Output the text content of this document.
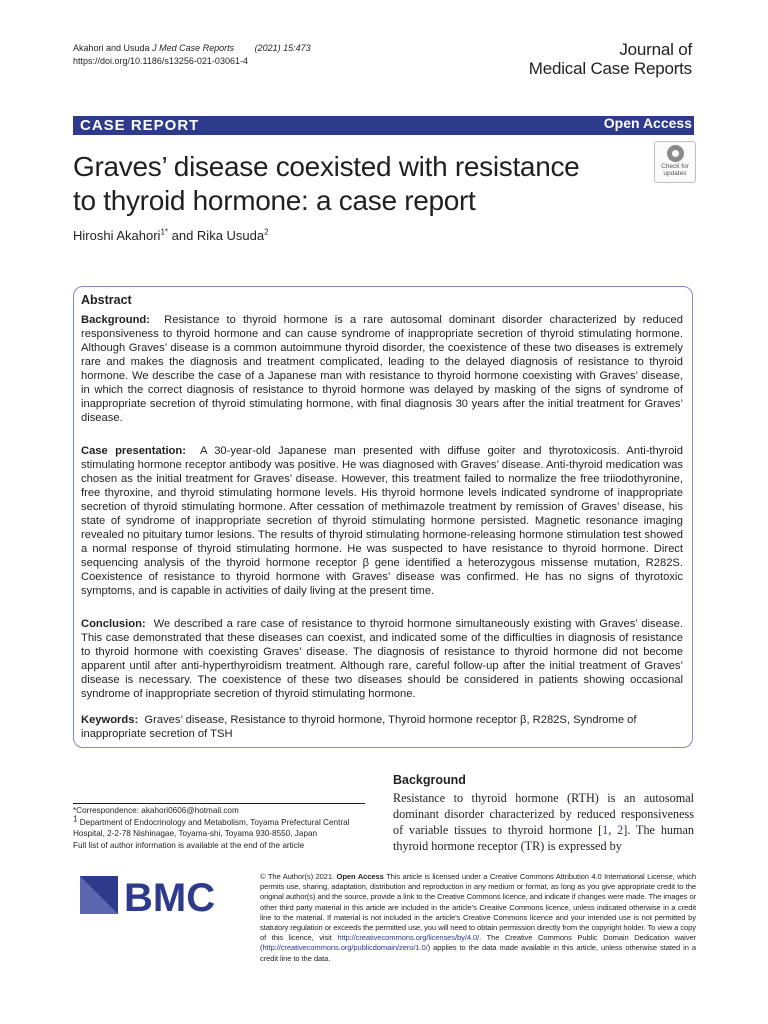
Akahori and Usuda J Med Case Reports (2021) 15:473
https://doi.org/10.1186/s13256-021-03061-4
Journal of
Medical Case Reports
CASE REPORT	Open Access
Check for
updates
Graves’ disease coexisted with resistance
to thyroid hormone: a case report
Hiroshi Akahori$^{1*}$ and Rika Usuda$^2$
Abstract
Background: Resistance to thyroid hormone is a rare autosomal dominant disorder characterized by reduced responsiveness to thyroid hormone and can cause syndrome of inappropriate secretion of thyroid stimulating hormone. Although Graves’ disease is a common autoimmune thyroid disorder, the coexistence of these two diseases is extremely rare and makes the diagnosis and treatment complicated, leading to the delayed diagnosis of resistance to thyroid hormone. We describe the case of a Japanese man with resistance to thyroid hormone coexisting with Graves’ disease, in which the correct diagnosis of resistance to thyroid hormone was delayed by masking of the signs of syndrome of inappropriate secretion of thyroid stimulating hormone, with final diagnosis 30 years after the initial treatment for Graves’ disease.
Case presentation: A 30-year-old Japanese man presented with diffuse goiter and thyrotoxicosis. Anti-thyroid stimulating hormone receptor antibody was positive. He was diagnosed with Graves’ disease. Anti-thyroid medication was chosen as the initial treatment for Graves’ disease. However, this treatment failed to normalize the free triiodothyronine, free thyroxine, and thyroid stimulating hormone levels. His thyroid hormone levels indicated syndrome of inappropriate secretion of thyroid stimulating hormone. After cessation of methimazole treatment by remission of Graves’ disease, his state of syndrome of inappropriate secretion of thyroid stimulating hormone persisted. Magnetic resonance imaging revealed no pituitary tumor lesions. The results of thyroid stimulating hormone-releasing hormone stimulation test showed a normal response of thyroid stimulating hormone. He was suspected to have resistance to thyroid hormone. Direct sequencing analysis of the thyroid hormone receptor β gene identified a heterozygous missense mutation, R282S. Coexistence of resistance to thyroid hormone with Graves’ disease was confirmed. He has no signs of thyrotoxic symptoms, and is capable in activities of daily living at the present time.
Conclusion: We described a rare case of resistance to thyroid hormone simultaneously existing with Graves’ disease. This case demonstrated that these diseases can coexist, and indicated some of the difficulties in diagnosis of resistance to thyroid hormone with coexisting Graves’ disease. The diagnosis of resistance to thyroid hormone did not become apparent until after anti-hyperthyroidism treatment. Although rare, careful follow-up after the initial treatment of Graves’ disease is necessary. The coexistence of these two diseases should be considered in patients showing occasional syndrome of inappropriate secretion of thyroid stimulating hormone.
Keywords: Graves’ disease, Resistance to thyroid hormone, Thyroid hormone receptor β, R282S, Syndrome of inappropriate secretion of TSH
*Correspondence: akahori0606@hotmail.com
$^1$ Department of Endocrinology and Metabolism, Toyama Prefectural Central Hospital, 2-2-78 Nishinagae, Toyama-shi, Toyama 930-8550, Japan
Full list of author information is available at the end of the article
Background
Resistance to thyroid hormone (RTH) is an autosomal dominant disorder characterized by reduced responsiveness of variable tissues to thyroid hormone [1, 2]. The human thyroid hormone receptor (TR) is expressed by
BMC	© The Author(s) 2021. Open Access This article is licensed under a Creative Commons Attribution 4.0 International License, which permits use, sharing, adaptation, distribution and reproduction in any medium or format, as long as you give appropriate credit to the original author(s) and the source, provide a link to the Creative Commons licence, and indicate if changes were made. The images or other third party material in this article are included in the article’s Creative Commons licence, unless indicated otherwise in a credit line to the material. If material is not included in the article’s Creative Commons licence and your intended use is not permitted by statutory regulation or exceeds the permitted use, you will need to obtain permission directly from the copyright holder. To view a copy of this licence, visit http://creativecommons.org/licenses/by/4.0/. The Creative Commons Public Domain Dedication waiver (http://creativecommons.org/publicdomain/zero/1.0/) applies to the data made available in this article, unless otherwise stated in a credit line to the data.
